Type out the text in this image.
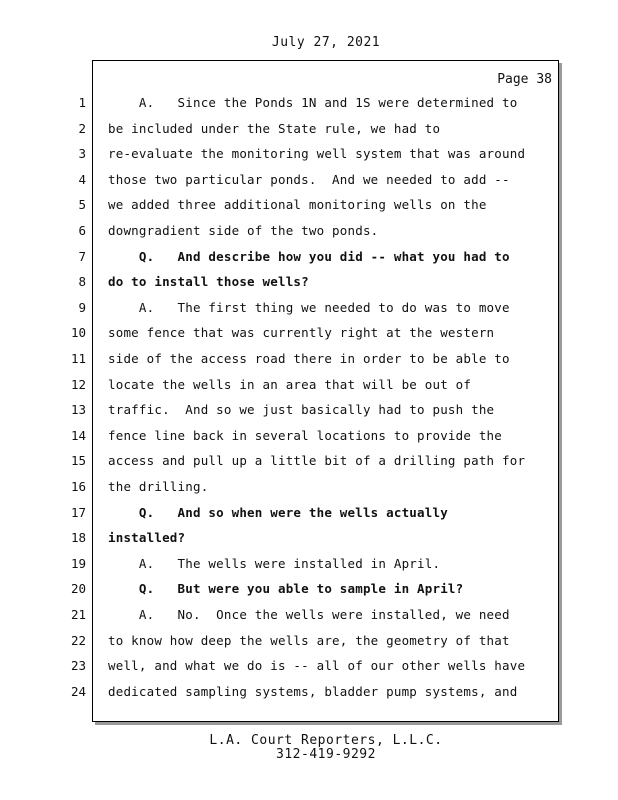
July 27, 2021
Page 38
1 A.   Since the Ponds 1N and 1S were determined to
2 be included under the State rule, we had to
3 re-evaluate the monitoring well system that was around
4 those two particular ponds.  And we needed to add --
5 we added three additional monitoring wells on the
6 downgradient side of the two ponds.
7 Q.   And describe how you did -- what you had to
8 do to install those wells?
9 A.   The first thing we needed to do was to move
10 some fence that was currently right at the western
11 side of the access road there in order to be able to
12 locate the wells in an area that will be out of
13 traffic.  And so we just basically had to push the
14 fence line back in several locations to provide the
15 access and pull up a little bit of a drilling path for
16 the drilling.
17 Q.   And so when were the wells actually
18 installed?
19 A.   The wells were installed in April.
20 Q.   But were you able to sample in April?
21 A.   No.  Once the wells were installed, we need
22 to know how deep the wells are, the geometry of that
23 well, and what we do is -- all of our other wells have
24 dedicated sampling systems, bladder pump systems, and
L.A. Court Reporters, L.L.C.
312-419-9292
